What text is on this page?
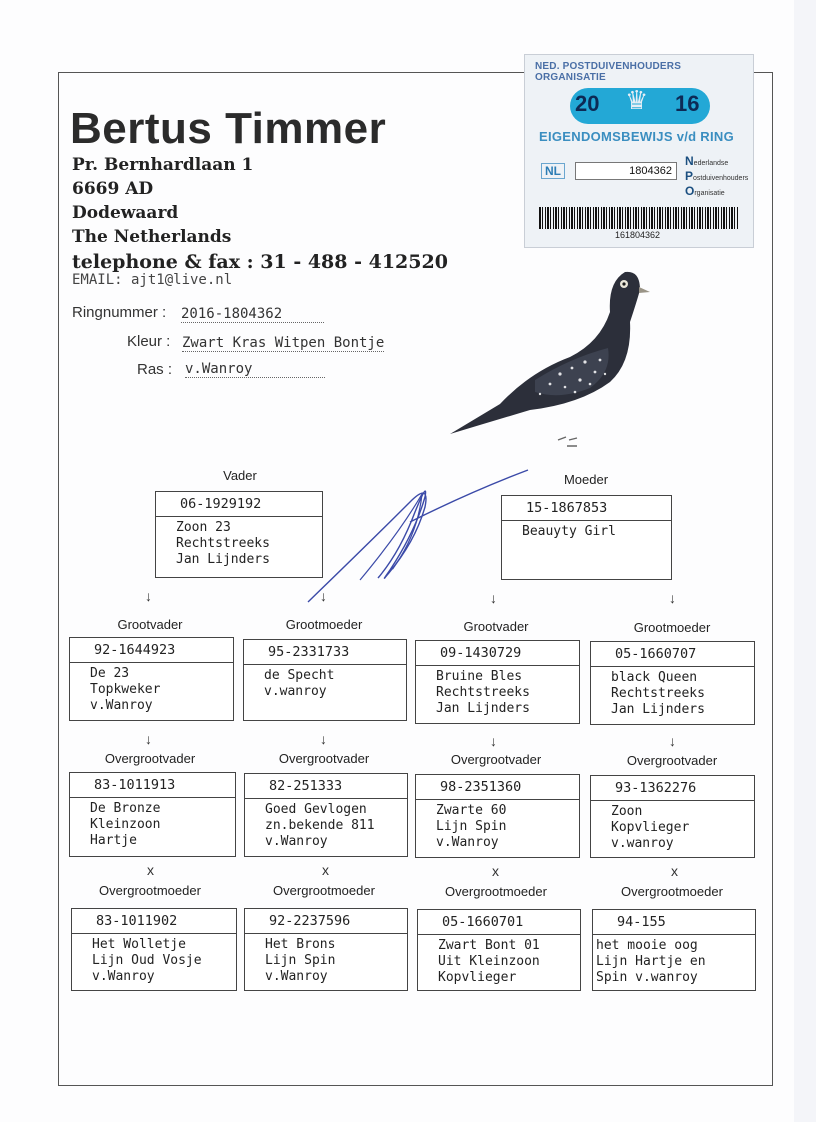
Bertus Timmer
Pr. Bernhardlaan 1
6669 AD
Dodewaard
The Netherlands
telephone & fax : 31 - 488 - 412520
EMAIL: ajt1@live.nl
Ringnummer : 2016-1804362
Kleur : Zwart Kras Witpen Bontje
Ras : v.Wanroy
NED. POSTDUIVENHOUDERS ORGANISATIE
20 ♛ 16
EIGENDOMSBEWIJS v/d RING
NL	1804362
Nederlandse
Postduivenhouders
Organisatie
161804362
Vader
06-1929192
Zoon 23
Rechtstreeks
Jan Lijnders
Moeder
15-1867853
Beauyty Girl
↓	↓	↓	↓
Grootvader	Grootmoeder	Grootvader	Grootmoeder
92-1644923
De 23
Topkweker
v.Wanroy
95-2331733
de Specht
v.wanroy
09-1430729
Bruine Bles
Rechtstreeks
Jan Lijnders
05-1660707
black Queen
Rechtstreeks
Jan Lijnders
↓	↓	↓	↓
Overgrootvader	Overgrootvader	Overgrootvader	Overgrootvader
83-1011913
De Bronze
Kleinzoon
Hartje
82-251333
Goed Gevlogen
zn.bekende 811
v.Wanroy
98-2351360
Zwarte 60
Lijn Spin
v.Wanroy
93-1362276
Zoon
Kopvlieger
v.wanroy
x	x	x	x
Overgrootmoeder	Overgrootmoeder	Overgrootmoeder	Overgrootmoeder
83-1011902
Het Wolletje
Lijn Oud Vosje
v.Wanroy
92-2237596
Het Brons
Lijn Spin
v.Wanroy
05-1660701
Zwart Bont 01
Uit Kleinzoon
Kopvlieger
94-155
het mooie oog
Lijn Hartje en
Spin v.wanroy
